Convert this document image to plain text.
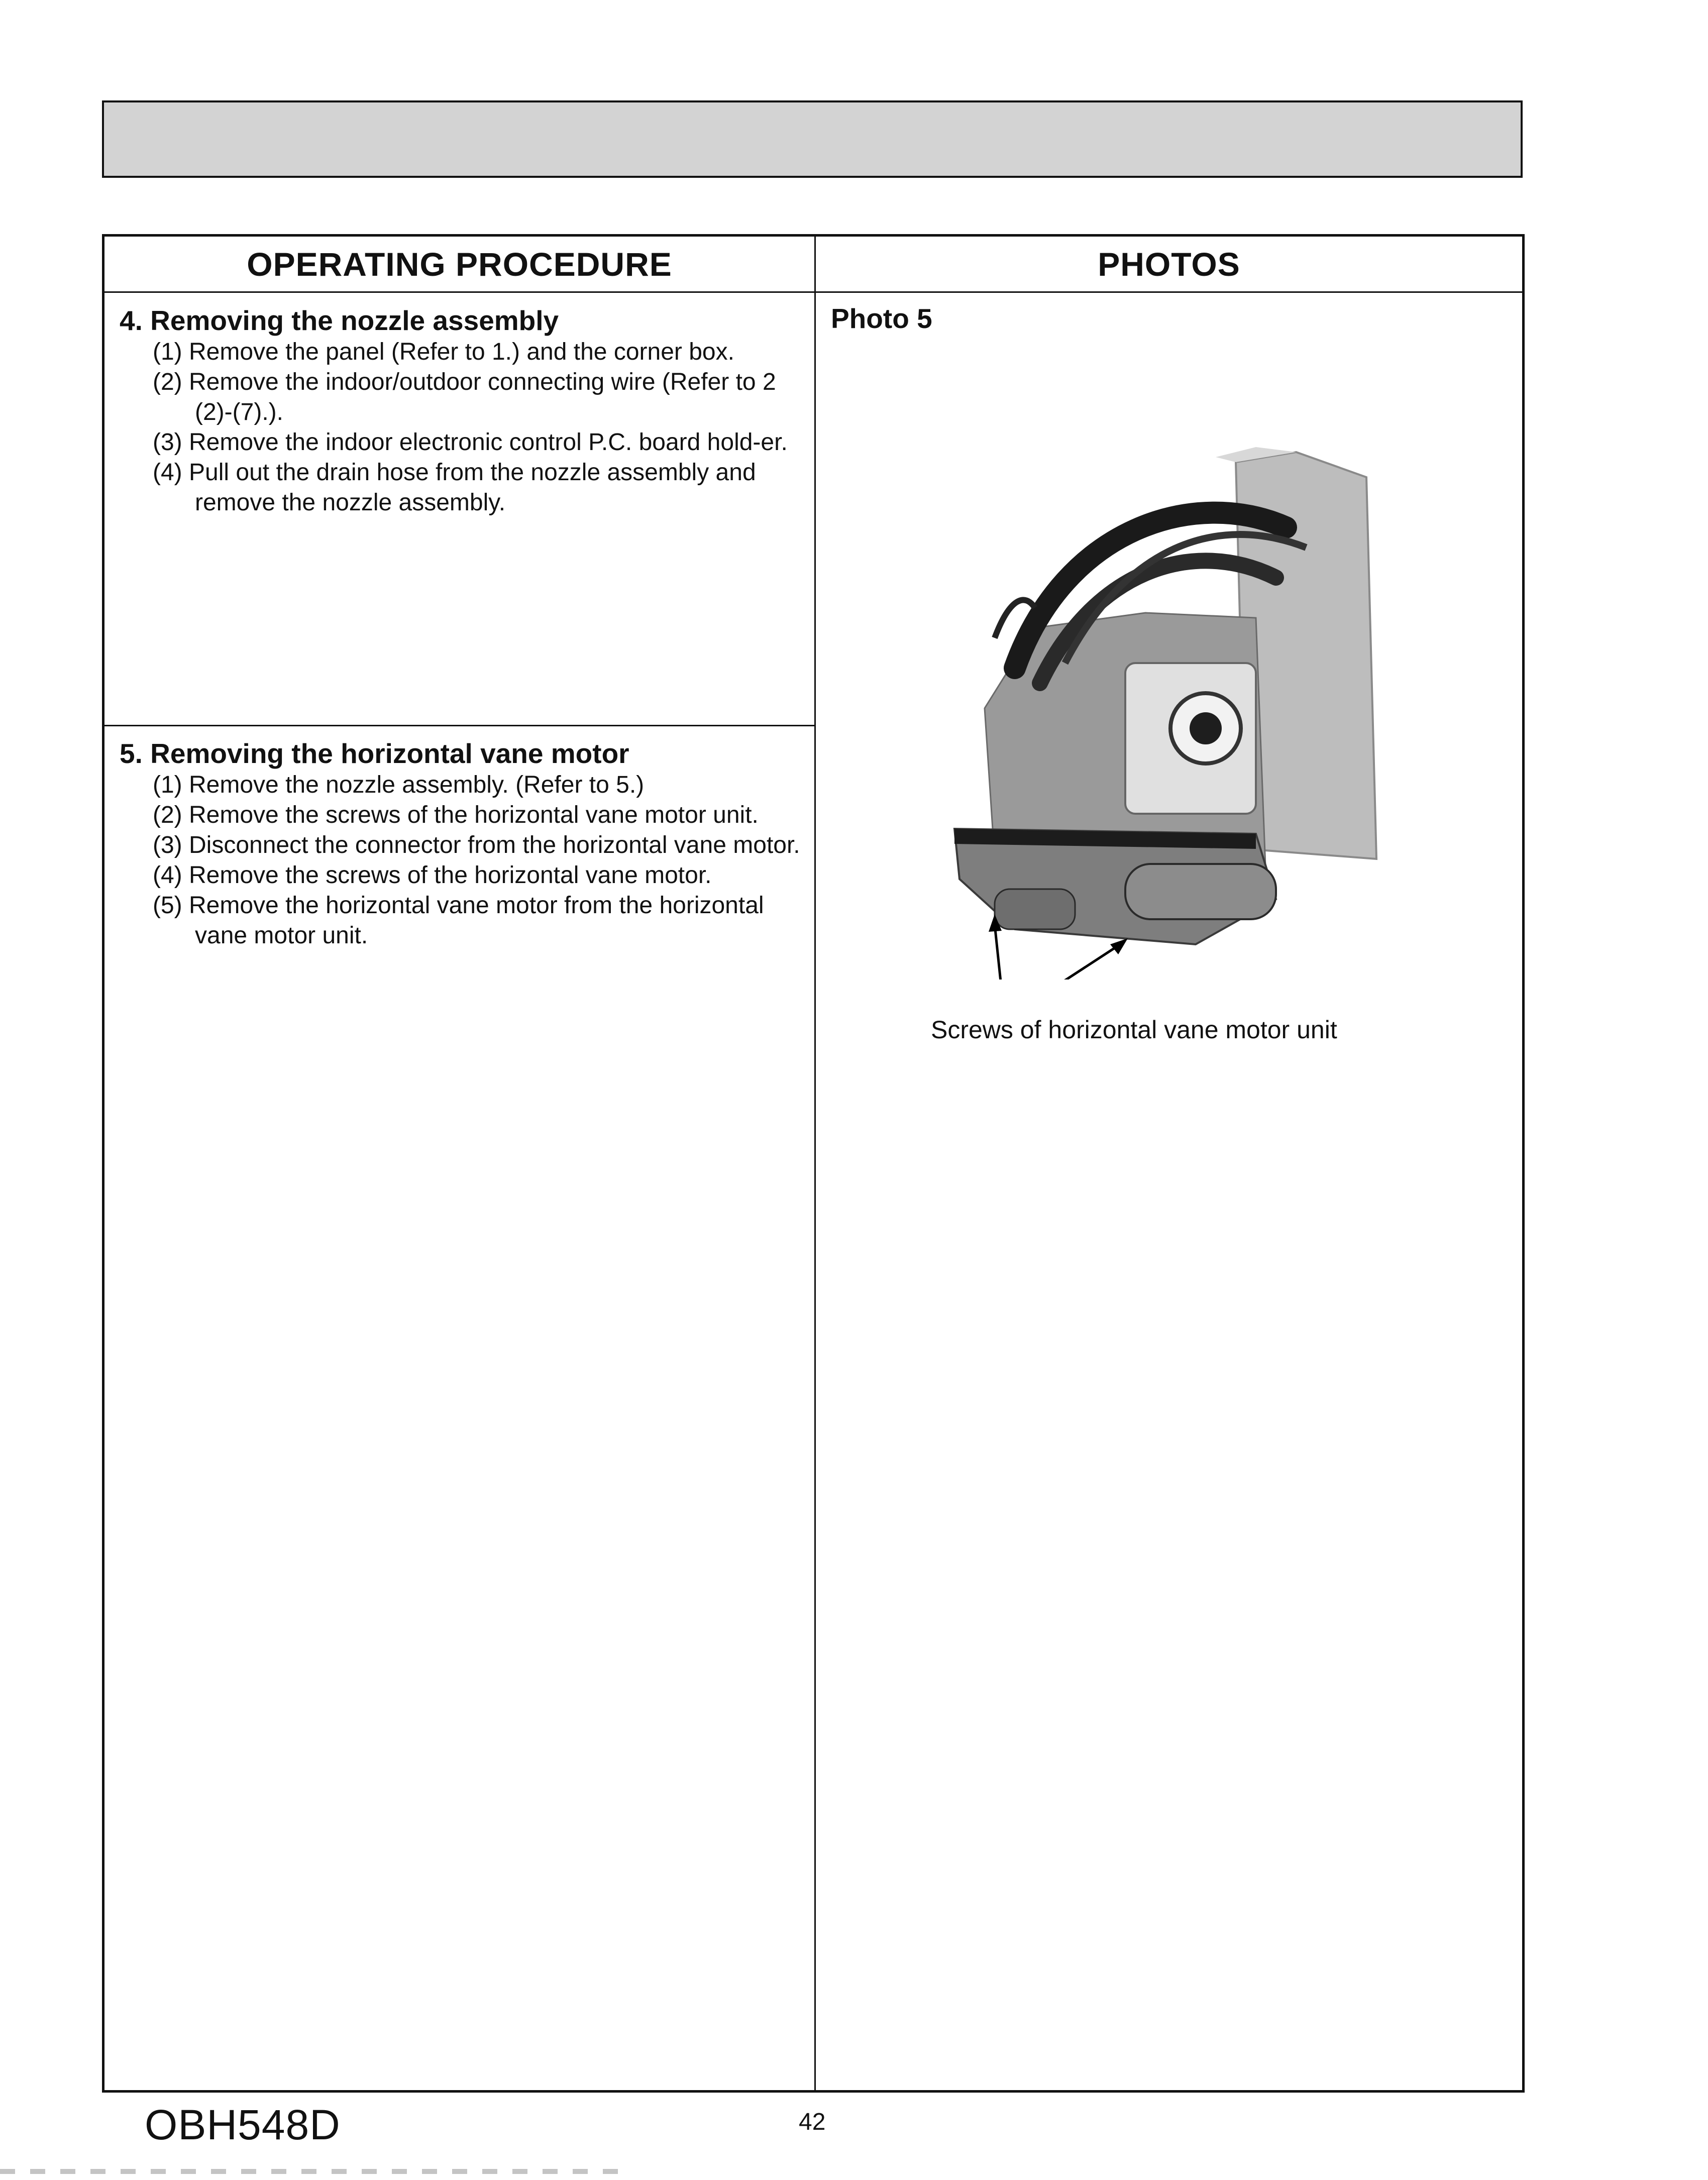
OPERATING PROCEDURE	PHOTOS
4. Removing the nozzle assembly
(1) Remove the panel (Refer to 1.) and the corner box.
(2) Remove the indoor/outdoor connecting wire (Refer to 2 (2)-(7).).
(3) Remove the indoor electronic control P.C. board hold-er.
(4) Pull out the drain hose from the nozzle assembly and remove the nozzle assembly.
5. Removing the horizontal vane motor
(1) Remove the nozzle assembly. (Refer to 5.)
(2) Remove the screws of the horizontal vane motor unit.
(3) Disconnect the connector from the horizontal vane motor.
(4) Remove the screws of the horizontal vane motor.
(5) Remove the horizontal vane motor from the horizontal vane motor unit.
Photo 5
Screws of horizontal vane motor unit
OBH548D	42
